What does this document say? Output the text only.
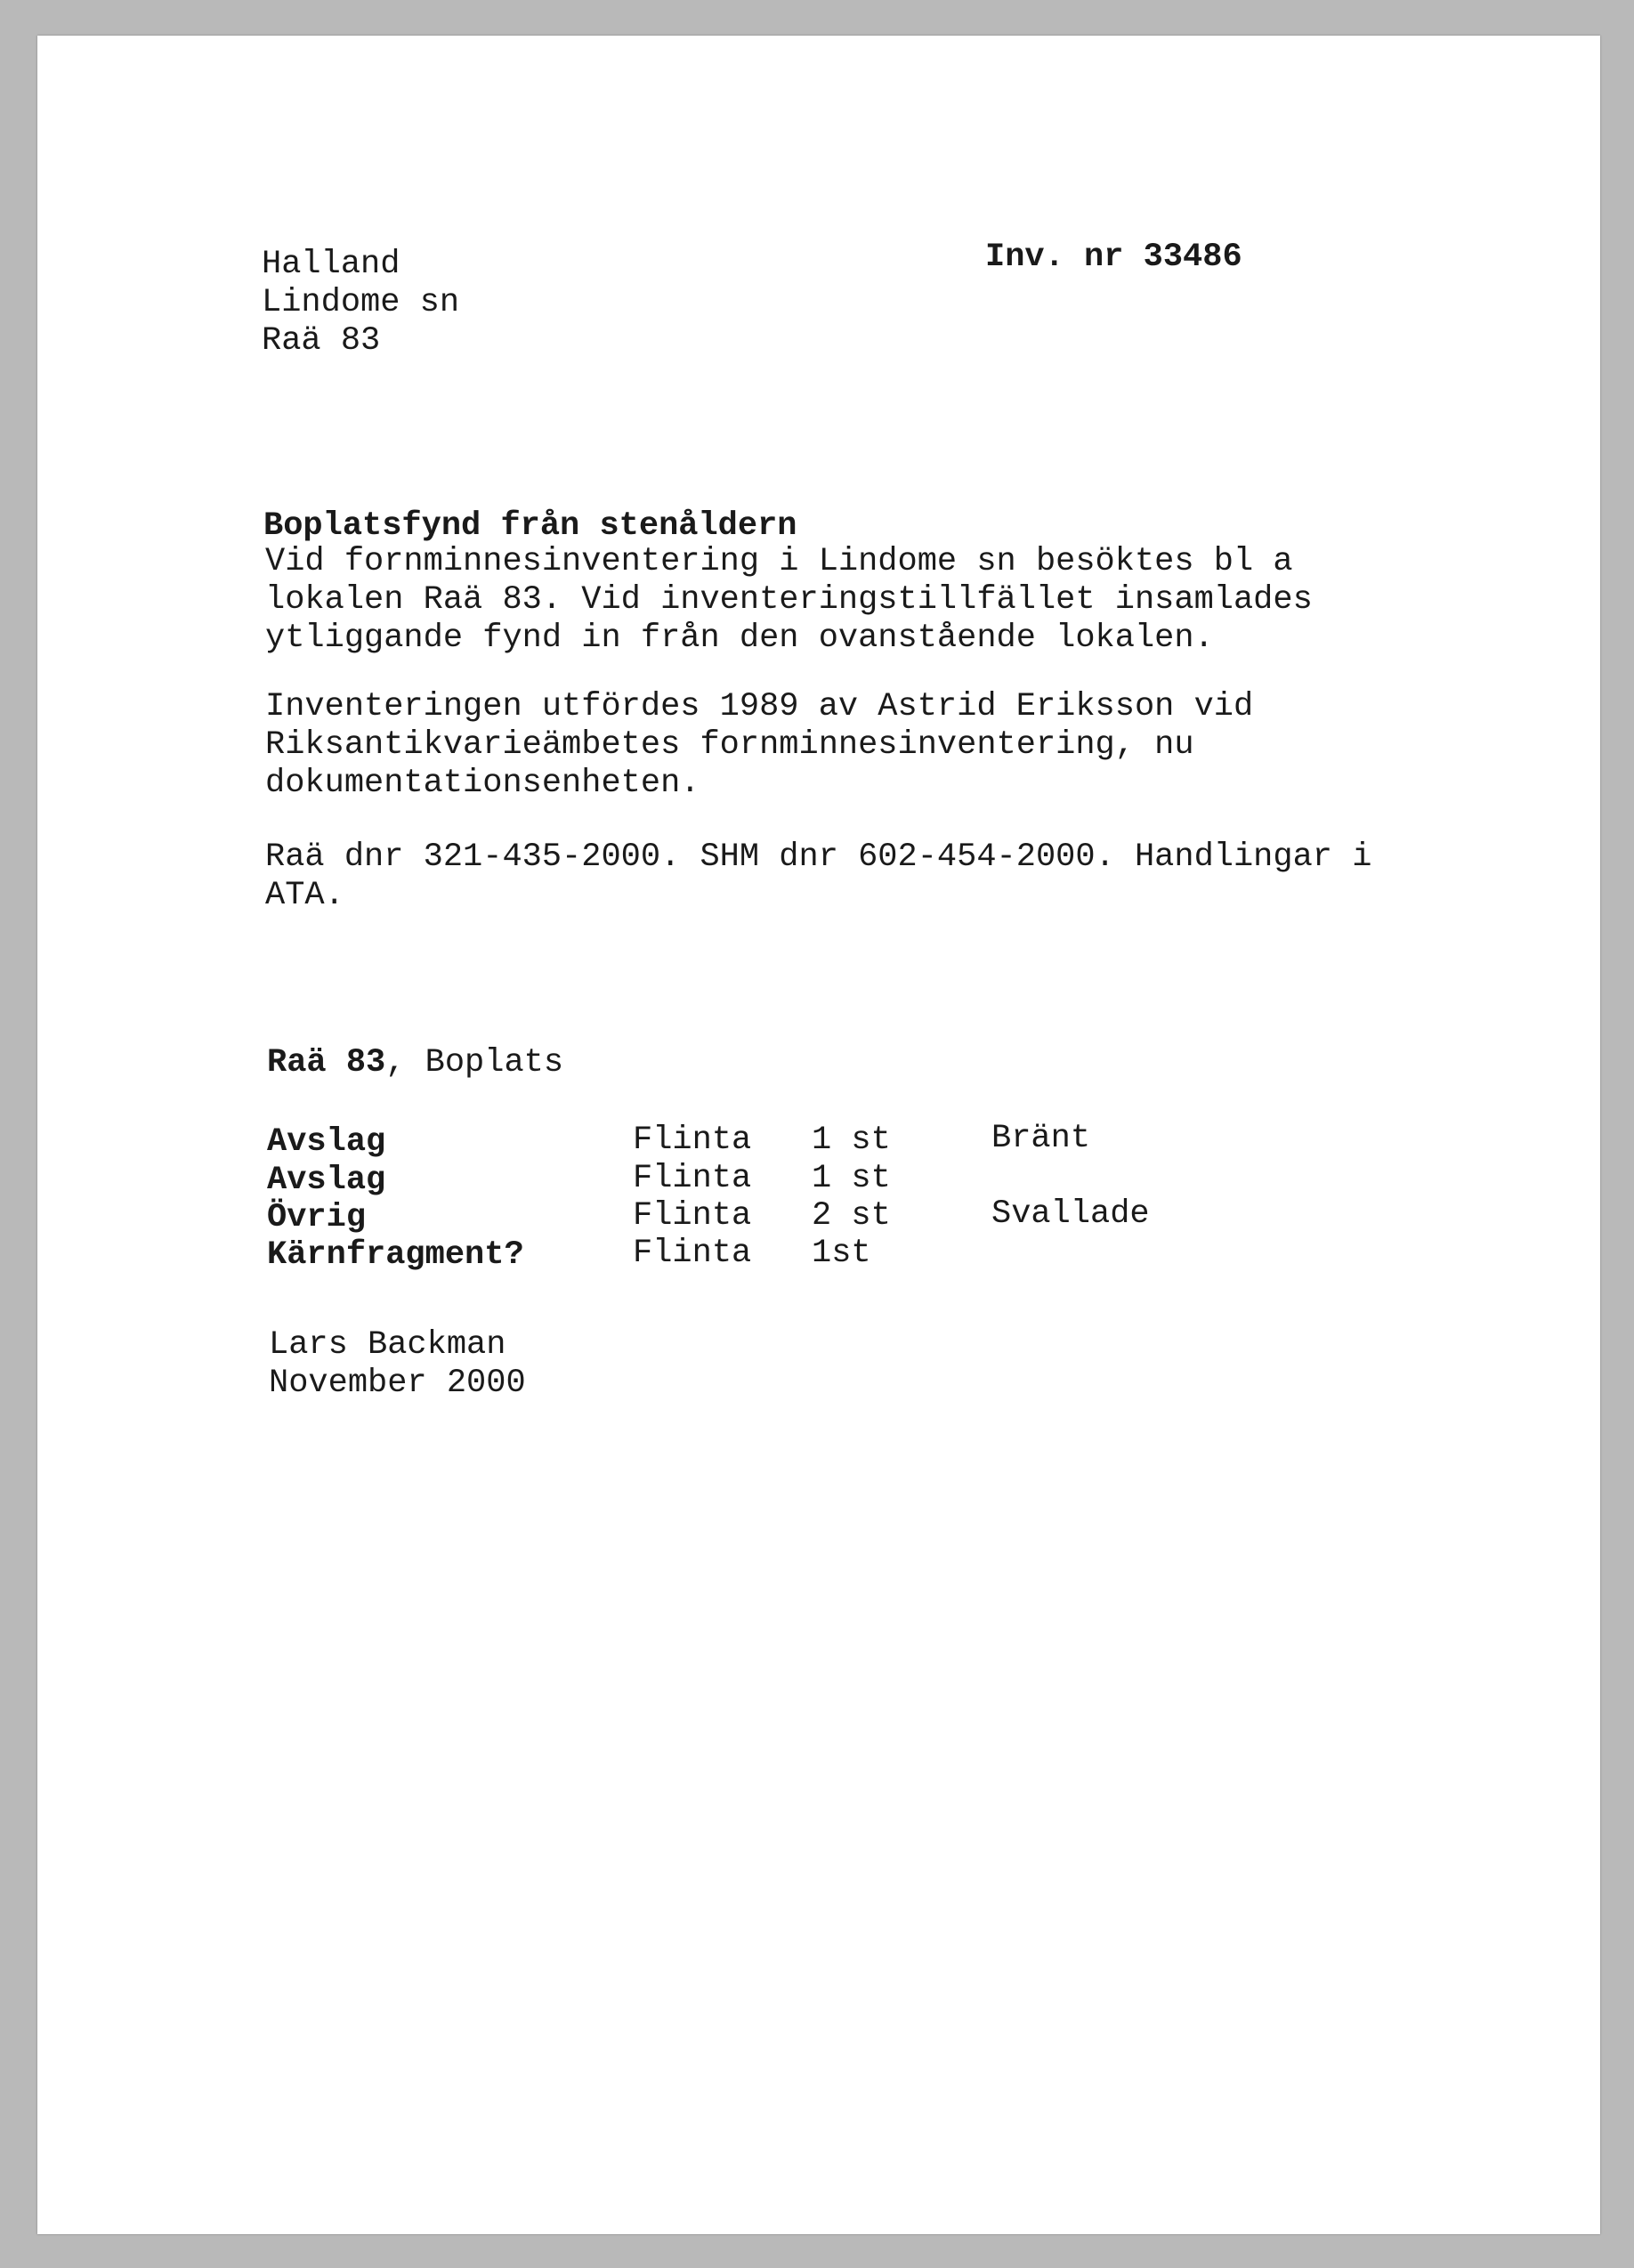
Halland

Lindome sn

Raä 83

Inv. nr 33486

Boplatsfynd från stenåldern

Vid fornminnesinventering i Lindome sn besöktes bl a

lokalen Raä 83. Vid inventeringstillfället insamlades

ytliggande fynd in från den ovanstående lokalen.

Inventeringen utfördes 1989 av Astrid Eriksson vid

Riksantikvarieämbetes fornminnesinventering, nu

dokumentationsenheten.

Raä dnr 321-435-2000. SHM dnr 602-454-2000. Handlingar i

ATA.

Raä 83, Boplats

Avslag	Flinta 1 st	Bränt

Avslag	Flinta 1 st

Övrig	Flinta 2 st	Svallade

Kärnfragment?	Flinta 1st

Lars Backman

November 2000
